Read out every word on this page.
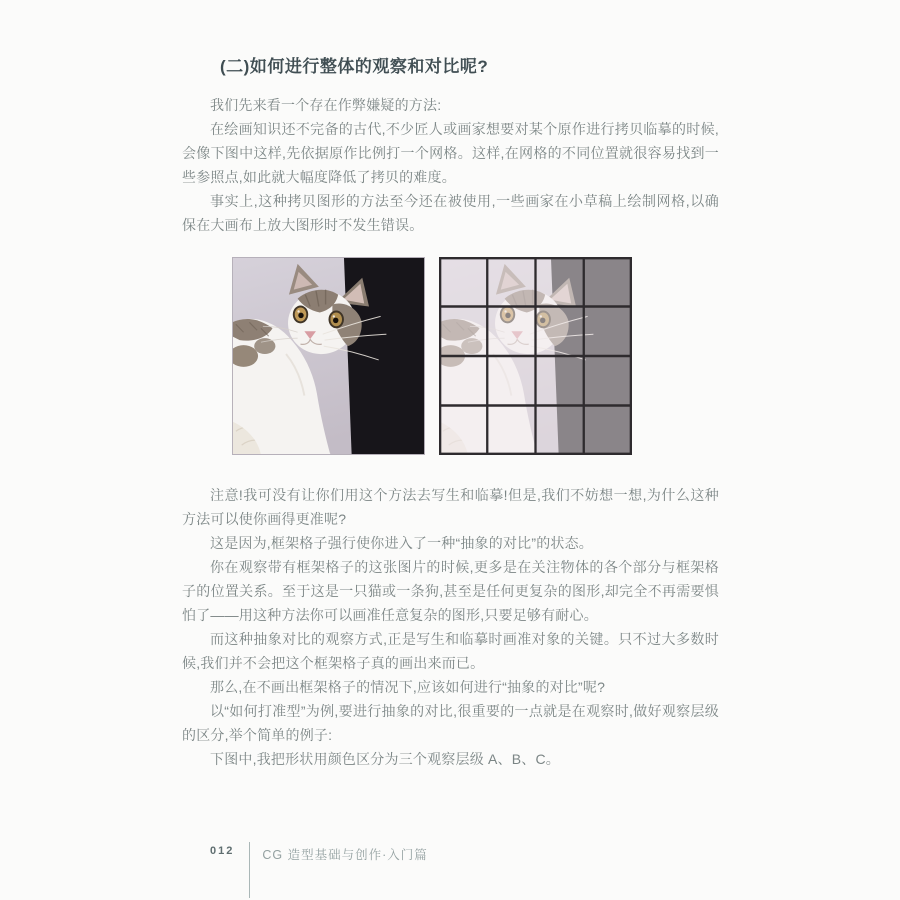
(二)如何进行整体的观察和对比呢?

我们先来看一个存在作弊嫌疑的方法:

在绘画知识还不完备的古代,不少匠人或画家想要对某个原作进行拷贝临摹的时候,会像下图中这样,先依据原作比例打一个网格。这样,在网格的不同位置就很容易找到一些参照点,如此就大幅度降低了拷贝的难度。

事实上,这种拷贝图形的方法至今还在被使用,一些画家在小草稿上绘制网格,以确保在大画布上放大图形时不发生错误。

注意!我可没有让你们用这个方法去写生和临摹!但是,我们不妨想一想,为什么这种方法可以使你画得更准呢?

这是因为,框架格子强行使你进入了一种“抽象的对比”的状态。

你在观察带有框架格子的这张图片的时候,更多是在关注物体的各个部分与框架格子的位置关系。至于这是一只猫或一条狗,甚至是任何更复杂的图形,却完全不再需要惧怕了——用这种方法你可以画准任意复杂的图形,只要足够有耐心。

而这种抽象对比的观察方式,正是写生和临摹时画准对象的关键。只不过大多数时候,我们并不会把这个框架格子真的画出来而已。

那么,在不画出框架格子的情况下,应该如何进行“抽象的对比”呢?

以“如何打准型”为例,要进行抽象的对比,很重要的一点就是在观察时,做好观察层级的区分,举个简单的例子:

下图中,我把形状用颜色区分为三个观察层级 A、B、C。

012 CG 造型基础与创作·入门篇
